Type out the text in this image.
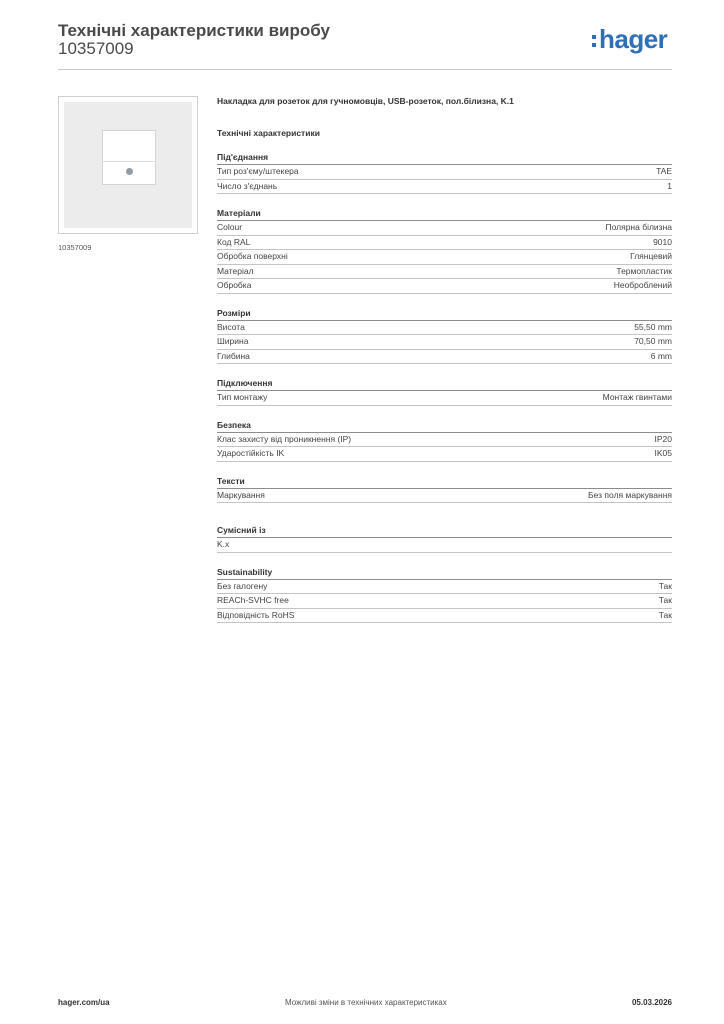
Технічні характеристики виробу
10357009	hager
10357009
Накладка для розеток для гучномовців, USB-розеток, пол.білизна, K.1
Технічні характеристики
Під'єднання
Тип роз'єму/штекера	TAE
Число з'єднань	1
Матеріали
Colour	Полярна білизна
Код RAL	9010
Обробка поверхні	Глянцевий
Матеріал	Термопластик
Обробка	Необроблений
Розміри
Висота	55,50 mm
Ширина	70,50 mm
Глибина	6 mm
Підключення
Тип монтажу	Монтаж гвинтами
Безпека
Клас захисту від проникнення (IP)	IP20
Ударостійкість IK	IK05
Тексти
Маркування	Без поля маркування
Сумісний із
K.x
Sustainability
Без галогену	Так
REACh-SVHC free	Так
Відповідність RoHS	Так
hager.com/ua	Можливі зміни в технічних характеристиках	05.03.2026
